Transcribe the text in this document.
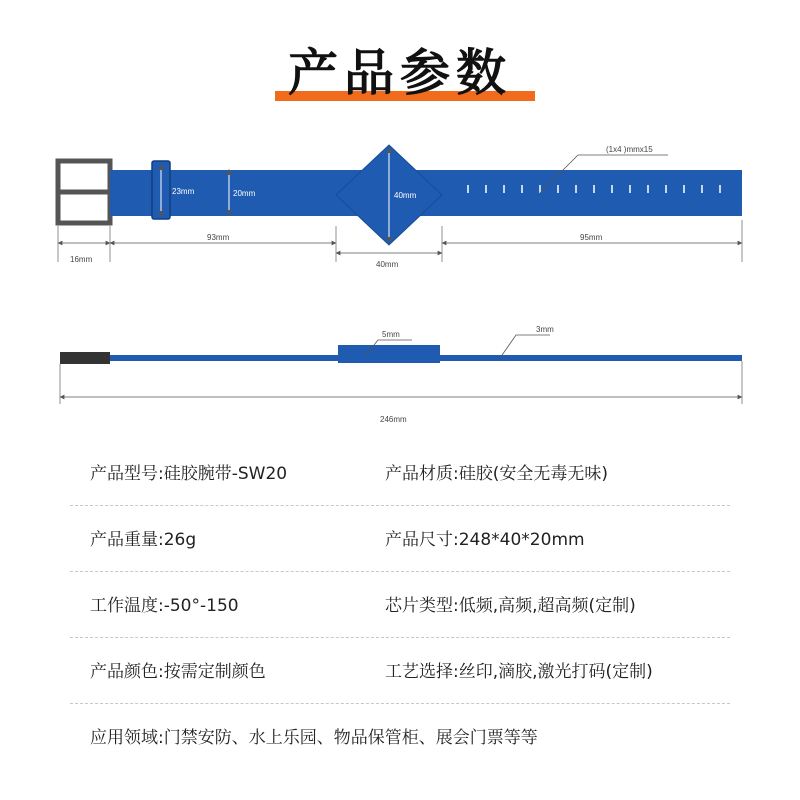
产品参数
23mm	20mm	40mm
(1x4 )mmx15
16mm
93mm
40mm
95mm
5mm
3mm
246mm
产品型号:硅胶腕带-SW20	产品材质:硅胶(安全无毒无味)
产品重量:26g	产品尺寸:248*40*20mm
工作温度:-50°-150	芯片类型:低频,高频,超高频(定制)
产品颜色:按需定制颜色	工艺选择:丝印,滴胶,激光打码(定制)
应用领域:门禁安防、水上乐园、物品保管柜、展会门票等等
